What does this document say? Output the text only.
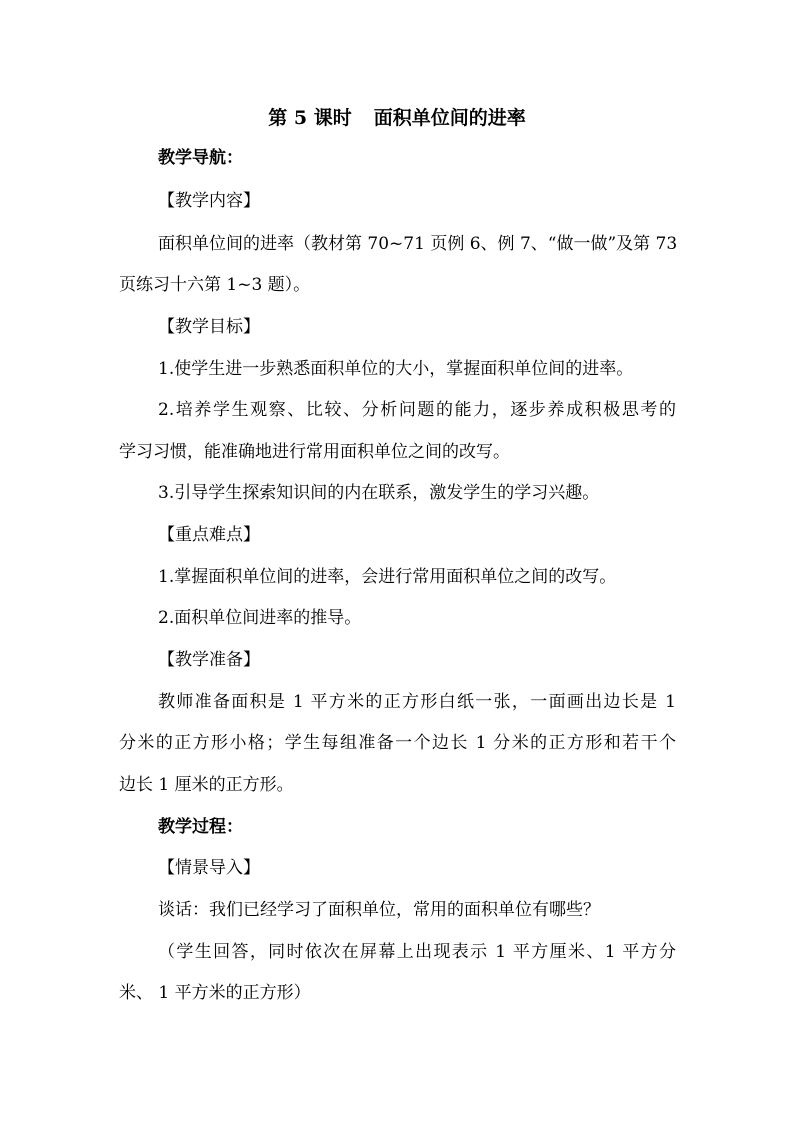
第 5 课时 面积单位间的进率
教学导航：
【教学内容】
面积单位间的进率（教材第 70~71 页例 6、例 7、“做一做”及第 73
页练习十六第 1~3 题）。
【教学目标】
1.使学生进一步熟悉面积单位的大小，掌握面积单位间的进率。
2.培养学生观察、比较、分析问题的能力，逐步养成积极思考的
学习习惯，能准确地进行常用面积单位之间的改写。
3.引导学生探索知识间的内在联系，激发学生的学习兴趣。
【重点难点】
1.掌握面积单位间的进率，会进行常用面积单位之间的改写。
2.面积单位间进率的推导。
【教学准备】
教师准备面积是 1 平方米的正方形白纸一张，一面画出边长是 1
分米的正方形小格；学生每组准备一个边长 1 分米的正方形和若干个
边长 1 厘米的正方形。
教学过程：
【情景导入】
谈话：我们已经学习了面积单位，常用的面积单位有哪些？
（学生回答，同时依次在屏幕上出现表示 1 平方厘米、1 平方分
米、 1 平方米的正方形）
